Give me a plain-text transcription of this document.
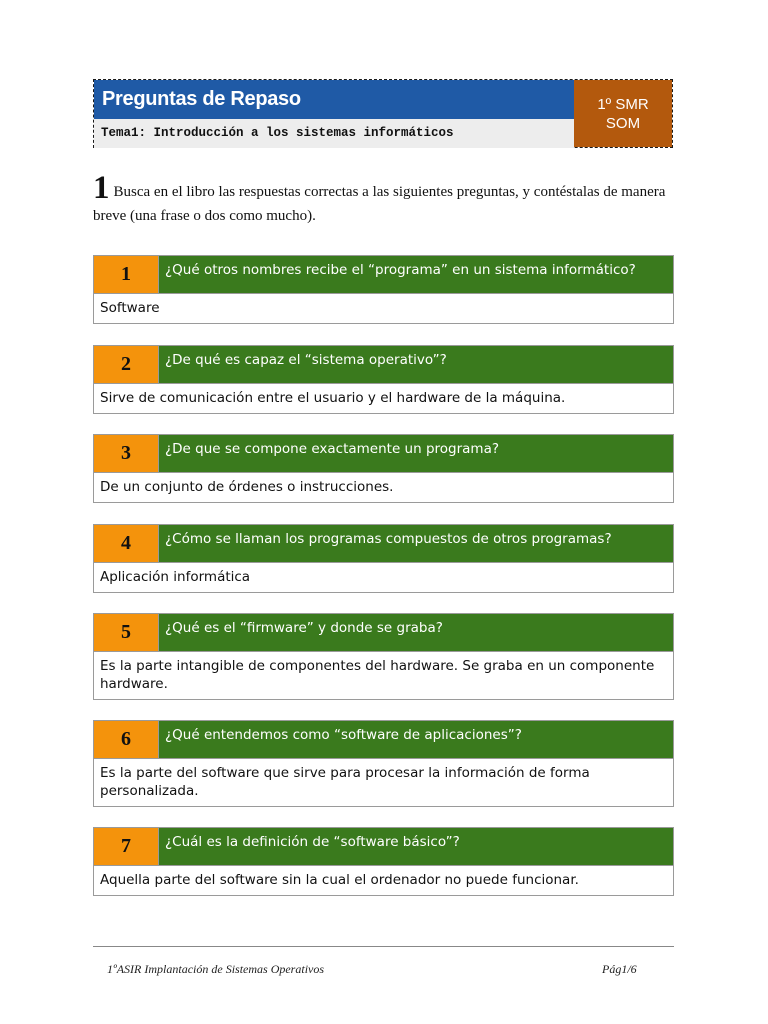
Preguntas de Repaso
Tema1: Introducción a los sistemas informáticos
1º SMR
SOM
1 Busca en el libro las respuestas correctas a las siguientes preguntas, y contéstalas de manera breve (una frase o dos como mucho).
1	¿Qué otros nombres recibe el “programa” en un sistema informático?
Software
2	¿De qué es capaz el “sistema operativo”?
Sirve de comunicación entre el usuario y el hardware de la máquina.
3	¿De que se compone exactamente un programa?
De un conjunto de órdenes o instrucciones.
4	¿Cómo se llaman los programas compuestos de otros programas?
Aplicación informática
5	¿Qué es el “firmware” y donde se graba?
Es la parte intangible de componentes del hardware. Se graba en un componente hardware.
6	¿Qué entendemos como “software de aplicaciones”?
Es la parte del software que sirve para procesar la información de forma personalizada.
7	¿Cuál es la definición de “software básico”?
Aquella parte del software sin la cual el ordenador no puede funcionar.
1ºASIR Implantación de Sistemas Operativos	Pág1/6
